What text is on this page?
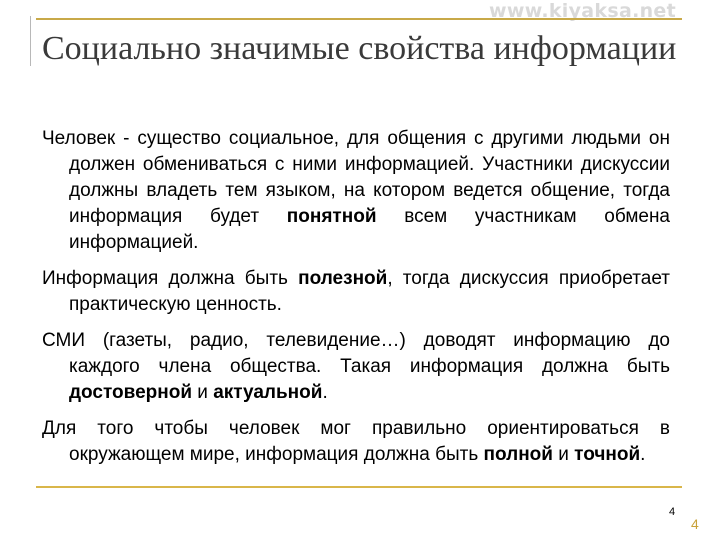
www.kiyaksa.net
Социально значимые свойства информации

Человек - существо социальное, для общения с другими людьми он должен обмениваться с ними информацией. Участники дискуссии должны владеть тем языком, на котором ведется общение, тогда информация будет понятной всем участникам обмена информацией.

Информация должна быть полезной, тогда дискуссия приобретает практическую ценность.

СМИ (газеты, радио, телевидение…) доводят информацию до каждого члена общества. Такая информация должна быть достоверной и актуальной.

Для того чтобы человек мог правильно ориентироваться в окружающем мире, информация должна быть полной и точной.

4
4
